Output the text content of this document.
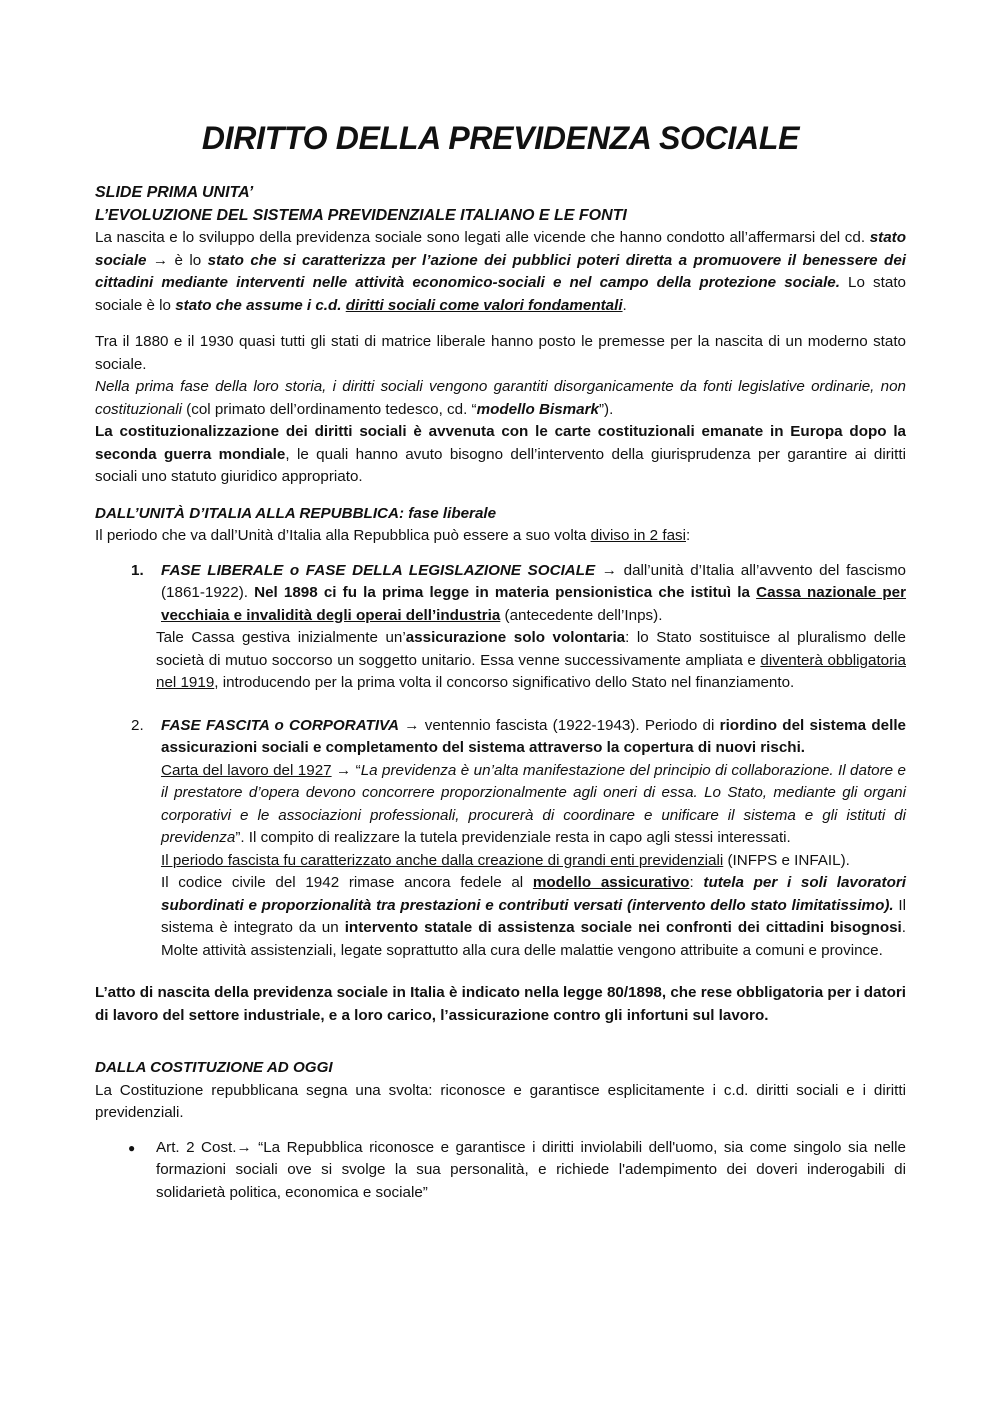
DIRITTO DELLA PREVIDENZA SOCIALE
SLIDE PRIMA UNITA’
L’EVOLUZIONE DEL SISTEMA PREVIDENZIALE ITALIANO E LE FONTI

La nascita e lo sviluppo della previdenza sociale sono legati alle vicende che hanno condotto all’affermarsi del cd. stato sociale → è lo stato che si caratterizza per l’azione dei pubblici poteri diretta a promuovere il benessere dei cittadini mediante interventi nelle attività economico-sociali e nel campo della protezione sociale. Lo stato sociale è lo stato che assume i c.d. diritti sociali come valori fondamentali.

Tra il 1880 e il 1930 quasi tutti gli stati di matrice liberale hanno posto le premesse per la nascita di un moderno stato sociale.

Nella prima fase della loro storia, i diritti sociali vengono garantiti disorganicamente da fonti legislative ordinarie, non costituzionali (col primato dell’ordinamento tedesco, cd. “modello Bismark”).

La costituzionalizzazione dei diritti sociali è avvenuta con le carte costituzionali emanate in Europa dopo la seconda guerra mondiale, le quali hanno avuto bisogno dell’intervento della giurisprudenza per garantire ai diritti sociali uno statuto giuridico appropriato.

DALL’UNITÀ D’ITALIA ALLA REPUBBLICA: fase liberale

Il periodo che va dall’Unità d’Italia alla Repubblica può essere a suo volta diviso in 2 fasi:

1. FASE LIBERALE o FASE DELLA LEGISLAZIONE SOCIALE → dall’unità d’Italia all’avvento del fascismo (1861-1922). Nel 1898 ci fu la prima legge in materia pensionistica che istituì la Cassa nazionale per vecchiaia e invalidità degli operai dell’industria (antecedente dell’Inps).

Tale Cassa gestiva inizialmente un’assicurazione solo volontaria: lo Stato sostituisce al pluralismo delle società di mutuo soccorso un soggetto unitario. Essa venne successivamente ampliata e diventerà obbligatoria nel 1919, introducendo per la prima volta il concorso significativo dello Stato nel finanziamento.

2. FASE FASCITA o CORPORATIVA → ventennio fascista (1922-1943). Periodo di riordino del sistema delle assicurazioni sociali e completamento del sistema attraverso la copertura di nuovi rischi.

Carta del lavoro del 1927 → “La previdenza è un’alta manifestazione del principio di collaborazione. Il datore e il prestatore d’opera devono concorrere proporzionalmente agli oneri di essa. Lo Stato, mediante gli organi corporativi e le associazioni professionali, procurerà di coordinare e unificare il sistema e gli istituti di previdenza”. Il compito di realizzare la tutela previdenziale resta in capo agli stessi interessati.

Il periodo fascista fu caratterizzato anche dalla creazione di grandi enti previdenziali (INFPS e INFAIL).

Il codice civile del 1942 rimase ancora fedele al modello assicurativo: tutela per i soli lavoratori subordinati e proporzionalità tra prestazioni e contributi versati (intervento dello stato limitatissimo). Il sistema è integrato da un intervento statale di assistenza sociale nei confronti dei cittadini bisognosi. Molte attività assistenziali, legate soprattutto alla cura delle malattie vengono attribuite a comuni e province.

L’atto di nascita della previdenza sociale in Italia è indicato nella legge 80/1898, che rese obbligatoria per i datori di lavoro del settore industriale, e a loro carico, l’assicurazione contro gli infortuni sul lavoro.

DALLA COSTITUZIONE AD OGGI

La Costituzione repubblicana segna una svolta: riconosce e garantisce esplicitamente i c.d. diritti sociali e i diritti previdenziali.

● Art. 2 Cost.→ “La Repubblica riconosce e garantisce i diritti inviolabili dell'uomo, sia come singolo sia nelle formazioni sociali ove si svolge la sua personalità, e richiede l'adempimento dei doveri inderogabili di solidarietà politica, economica e sociale”
